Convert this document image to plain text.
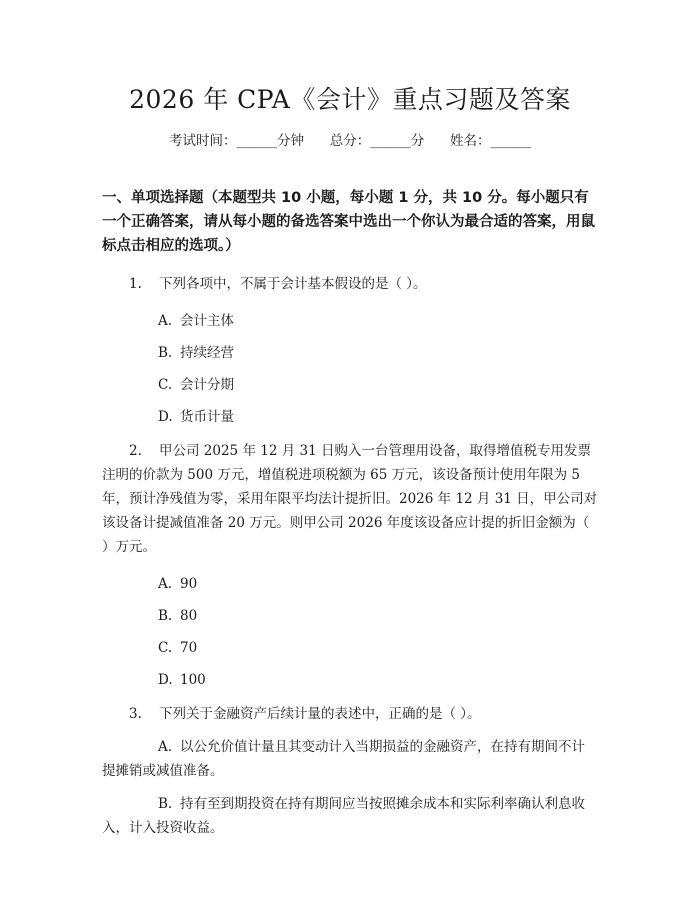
2026 年 CPA《会计》重点习题及答案
考试时间：______分钟      总分：______分      姓名：______

一、单项选择题（本题型共 10 小题，每小题 1 分，共 10 分。每小题只有一个正确答案，请从每小题的备选答案中选出一个你认为最合适的答案，用鼠标点击相应的选项。）

1. 下列各项中，不属于会计基本假设的是（ ）。

A. 会计主体
B. 持续经营
C. 会计分期
D. 货币计量

2. 甲公司 2025 年 12 月 31 日购入一台管理用设备，取得增值税专用发票注明的价款为 500 万元，增值税进项税额为 65 万元，该设备预计使用年限为 5 年，预计净残值为零，采用年限平均法计提折旧。2026 年 12 月 31 日，甲公司对该设备计提减值准备 20 万元。则甲公司 2026 年度该设备应计提的折旧金额为（ ）万元。

A. 90
B. 80
C. 70
D. 100

3. 下列关于金融资产后续计量的表述中，正确的是（ ）。

A. 以公允价值计量且其变动计入当期损益的金融资产，在持有期间不计提摊销或减值准备。

B. 持有至到期投资在持有期间应当按照摊余成本和实际利率确认利息收入，计入投资收益。
